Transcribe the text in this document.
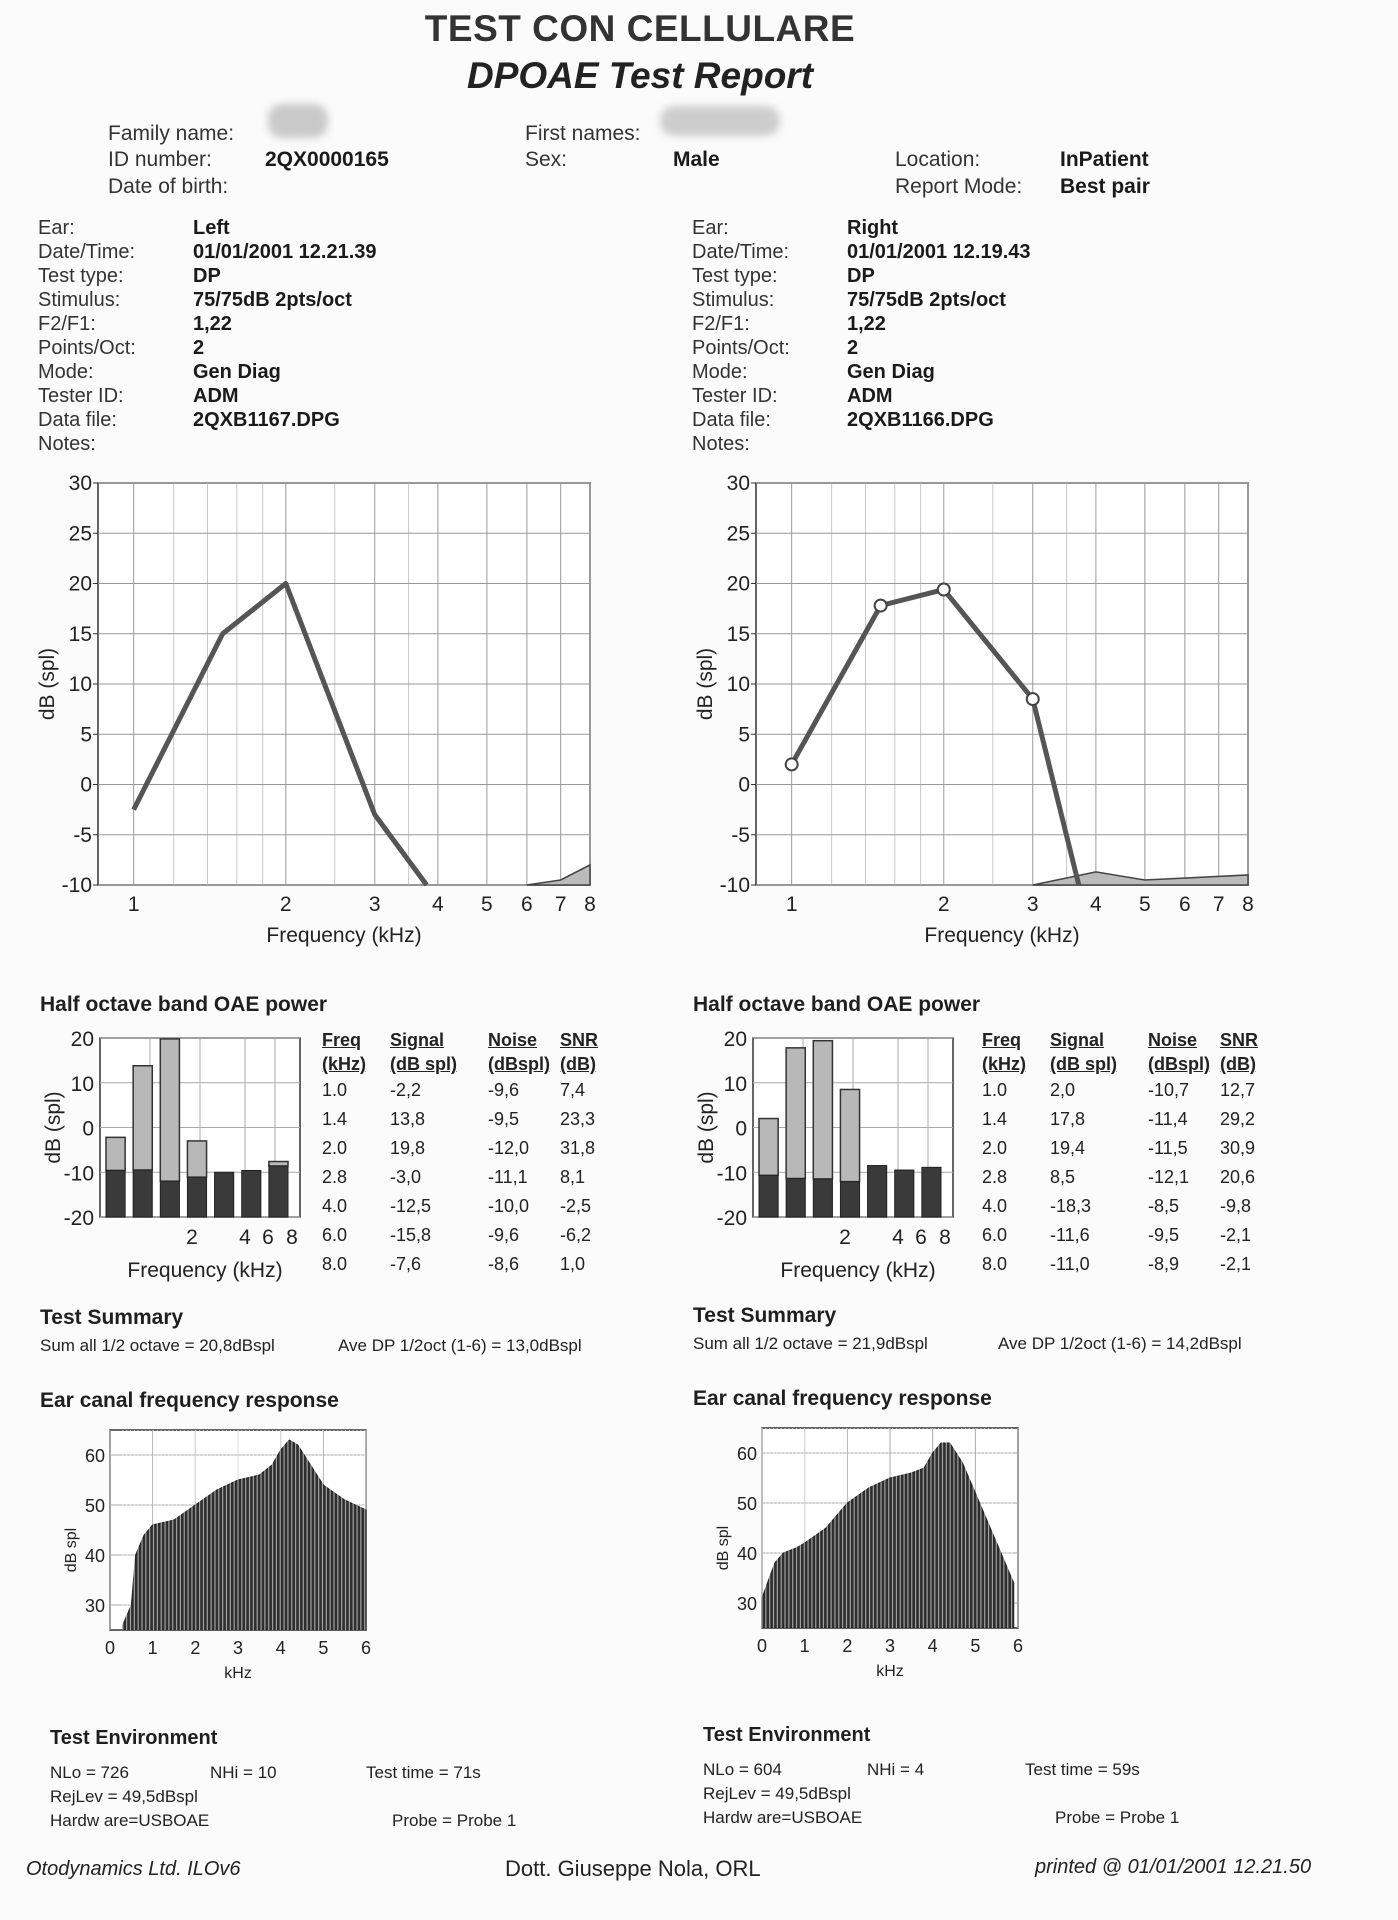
TEST CON CELLULARE
DPOAE Test Report
Family name:
ID number:	2QX0000165
Date of birth:
First names:
Sex:	Male	Location:	InPatient
Report Mode: Best pair
Ear:	Left
Date/Time:	01/01/2001 12.21.39
Test type:	DP
Stimulus:	75/75dB 2pts/oct
F2/F1:	1,22
Points/Oct:	2
Mode:	Gen Diag
Tester ID:	ADM
Data file:	2QXB1167.DPG
Notes:
Ear:	Right
Date/Time:	01/01/2001 12.19.43
Test type:	DP
Stimulus:	75/75dB 2pts/oct
F2/F1:	1,22
Points/Oct:	2
Mode:	Gen Diag
Tester ID:	ADM
Data file:	2QXB1166.DPG
Notes:
1	2	3 4 5 6 7 8
-10
-5
0
5
10
15
20
25
30
Frequency (kHz)
dB (spl)
1	2	3 4 5 6 7 8
-10
-5
0
5
10
15
20
25
30
Frequency (kHz)
dB (spl)
Half octave band OAE power	Half octave band OAE power
-20
-10
0
10
20
2 4 6 8
Frequency (kHz)
dB (spl)
-20
-10
0
10
20
2 4 6 8
Frequency (kHz)
dB (spl)
Freq	Signal	Noise	SNR
(kHz)	(dB spl)	(dBspl)	(dB)
1.0	-2,2	-9,6	7,4
1.4	13,8	-9,5	23,3
2.0	19,8	-12,0	31,8
2.8	-3,0	-11,1	8,1
4.0	-12,5	-10,0	-2,5
6.0	-15,8	-9,6	-6,2
8.0	-7,6	-8,6	1,0
Freq	Signal	Noise	SNR
(kHz)	(dB spl)	(dBspl)	(dB)
1.0	2,0	-10,7	12,7
1.4	17,8	-11,4	29,2
2.0	19,4	-11,5	30,9
2.8	8,5	-12,1	20,6
4.0	-18,3	-8,5	-9,8
6.0	-11,6	-9,5	-2,1
8.0	-11,0	-8,9	-2,1
Test Summary
Sum all 1/2 octave = 20,8dBspl	Ave DP 1/2oct (1-6) = 13,0dBspl
Test Summary
Sum all 1/2 octave = 21,9dBspl	Ave DP 1/2oct (1-6) = 14,2dBspl
Ear canal frequency response	Ear canal frequency response
0 1 2 3 4 5 6
30
40
50
60
kHz
dB spl
0 1 2 3 4 5 6
30
40
50
60
kHz
dB spl
Test Environment
NLo = 726	NHi = 10	Test time = 71s
RejLev = 49,5dBspl
Hardw are=USBOAE	Probe = Probe 1
Test Environment
NLo = 604	NHi = 4	Test time = 59s
RejLev = 49,5dBspl
Hardw are=USBOAE	Probe = Probe 1
Otodynamics Ltd. ILOv6	Dott. Giuseppe Nola, ORL	printed @ 01/01/2001 12.21.50
